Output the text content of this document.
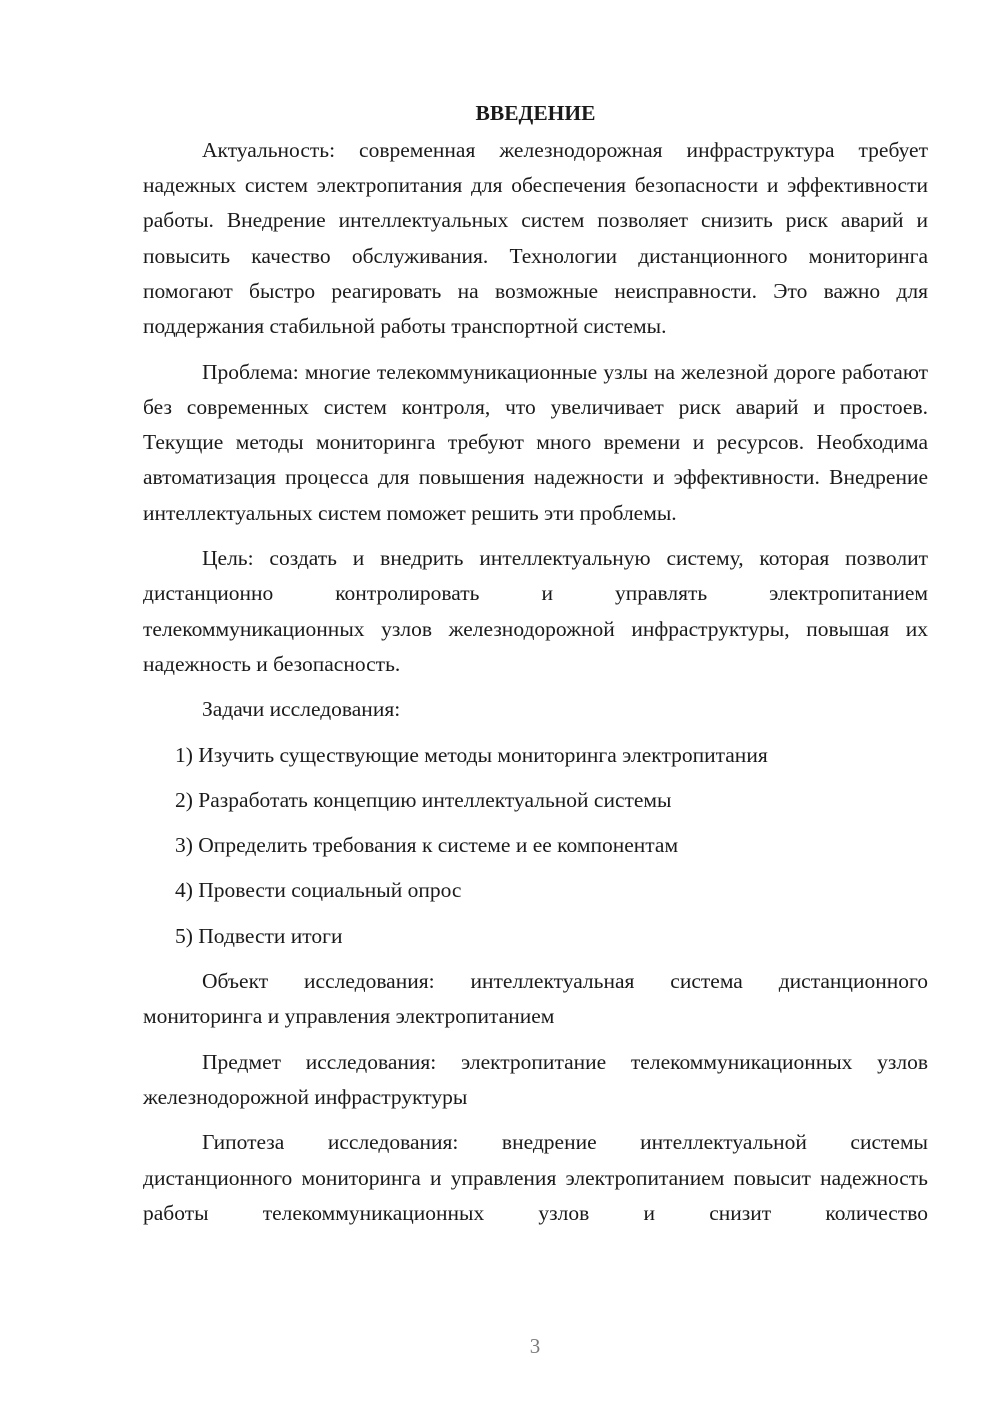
ВВЕДЕНИЕ

Актуальность: современная железнодорожная инфраструктура требует надежных систем электропитания для обеспечения безопасности и эффективности работы. Внедрение интеллектуальных систем позволяет снизить риск аварий и повысить качество обслуживания. Технологии дистанционного мониторинга помогают быстро реагировать на возможные неисправности. Это важно для поддержания стабильной работы транспортной системы.

Проблема: многие телекоммуникационные узлы на железной дороге работают без современных систем контроля, что увеличивает риск аварий и простоев. Текущие методы мониторинга требуют много времени и ресурсов. Необходима автоматизация процесса для повышения надежности и эффективности. Внедрение интеллектуальных систем поможет решить эти проблемы.

Цель: создать и внедрить интеллектуальную систему, которая позволит дистанционно контролировать и управлять электропитанием телекоммуникационных узлов железнодорожной инфраструктуры, повышая их надежность и безопасность.

Задачи исследования:

1) Изучить существующие методы мониторинга электропитания
2) Разработать концепцию интеллектуальной системы
3) Определить требования к системе и ее компонентам
4) Провести социальный опрос
5) Подвести итоги

Объект исследования: интеллектуальная система дистанционного мониторинга и управления электропитанием

Предмет исследования: электропитание телекоммуникационных узлов железнодорожной инфраструктуры

Гипотеза исследования: внедрение интеллектуальной системы дистанционного мониторинга и управления электропитанием повысит надежность работы телекоммуникационных узлов и снизит количество

3
